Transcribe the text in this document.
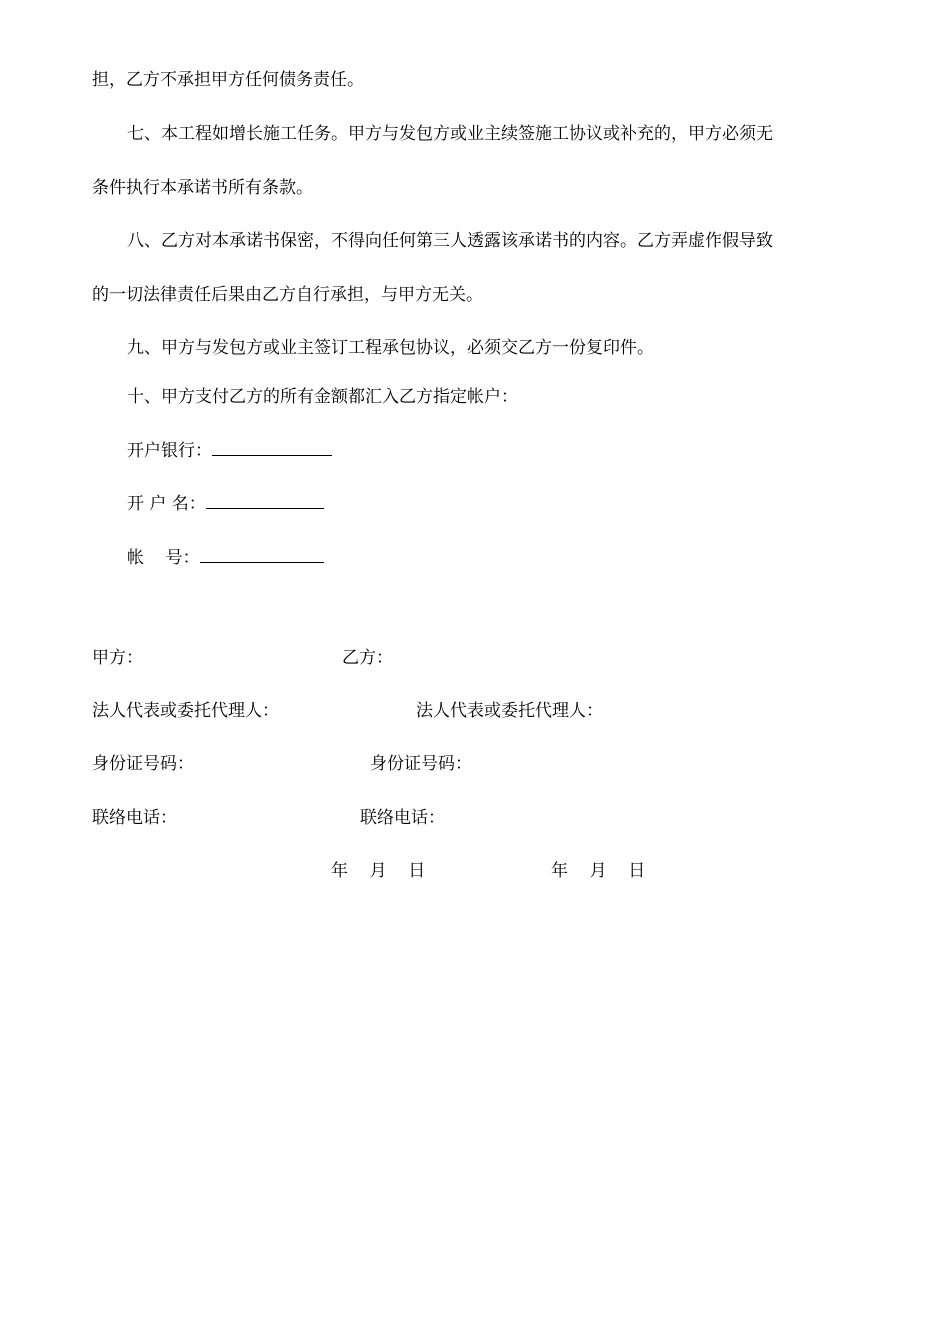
担，乙方不承担甲方任何债务责任。
七、本工程如增长施工任务。甲方与发包方或业主续签施工协议或补充的，甲方必须无
条件执行本承诺书所有条款。
八、乙方对本承诺书保密，不得向任何第三人透露该承诺书的内容。乙方弄虚作假导致
的一切法律责任后果由乙方自行承担，与甲方无关。
九、甲方与发包方或业主签订工程承包协议，必须交乙方一份复印件。
十、甲方支付乙方的所有金额都汇入乙方指定帐户：
开户银行：
开 户 名：
帐    号：
甲方：	乙方：
法人代表或委托代理人：	法人代表或委托代理人：
身份证号码：	身份证号码：
联络电话：	联络电话：
年    月    日	年    月    日
